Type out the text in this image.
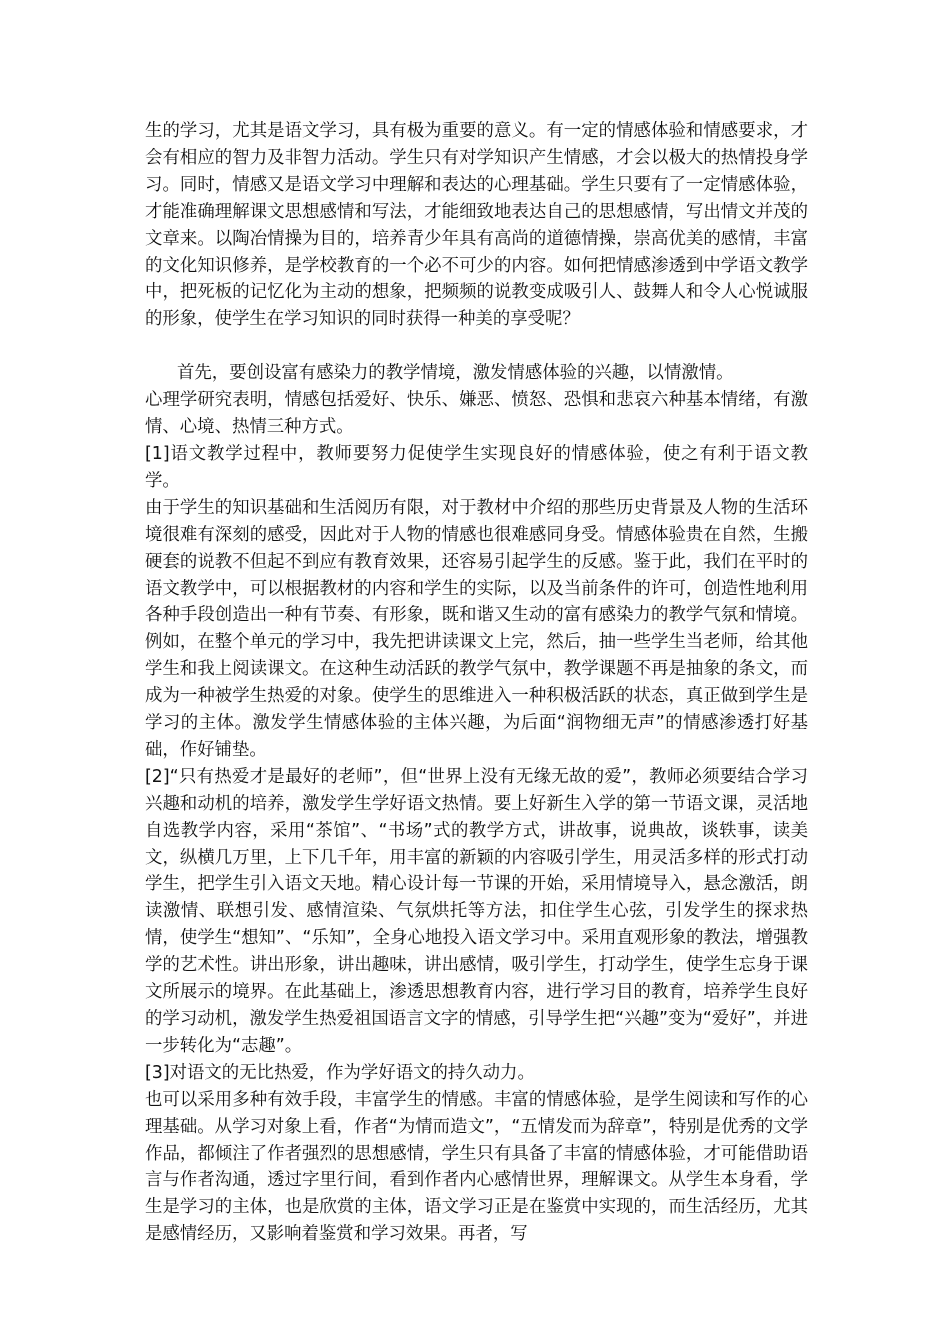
生的学习，尤其是语文学习，具有极为重要的意义。有一定的情感体验和情感要求，才会有相应的智力及非智力活动。学生只有对学知识产生情感，才会以极大的热情投身学习。同时，情感又是语文学习中理解和表达的心理基础。学生只要有了一定情感体验，才能准确理解课文思想感情和写法，才能细致地表达自己的思想感情，写出情文并茂的文章来。以陶冶情操为目的，培养青少年具有高尚的道德情操，崇高优美的感情，丰富的文化知识修养，是学校教育的一个必不可少的内容。如何把情感渗透到中学语文教学中，把死板的记忆化为主动的想象，把频频的说教变成吸引人、鼓舞人和令人心悦诚服的形象，使学生在学习知识的同时获得一种美的享受呢？

首先，要创设富有感染力的教学情境，激发情感体验的兴趣，以情激情。

心理学研究表明，情感包括爱好、快乐、嫌恶、愤怒、恐惧和悲哀六种基本情绪，有激情、心境、热情三种方式。

[1]语文教学过程中，教师要努力促使学生实现良好的情感体验，使之有利于语文教学。

由于学生的知识基础和生活阅历有限，对于教材中介绍的那些历史背景及人物的生活环境很难有深刻的感受，因此对于人物的情感也很难感同身受。情感体验贵在自然，生搬硬套的说教不但起不到应有教育效果，还容易引起学生的反感。鉴于此，我们在平时的语文教学中，可以根据教材的内容和学生的实际，以及当前条件的许可，创造性地利用各种手段创造出一种有节奏、有形象，既和谐又生动的富有感染力的教学气氛和情境。例如，在整个单元的学习中，我先把讲读课文上完，然后，抽一些学生当老师，给其他学生和我上阅读课文。在这种生动活跃的教学气氛中，教学课题不再是抽象的条文，而成为一种被学生热爱的对象。使学生的思维进入一种积极活跃的状态，真正做到学生是学习的主体。激发学生情感体验的主体兴趣，为后面“润物细无声”的情感渗透打好基础，作好铺垫。

[2]“只有热爱才是最好的老师”，但“世界上没有无缘无故的爱”，教师必须要结合学习兴趣和动机的培养，激发学生学好语文热情。要上好新生入学的第一节语文课，灵活地自选教学内容，采用“茶馆”、“书场”式的教学方式，讲故事，说典故，谈轶事，读美文，纵横几万里，上下几千年，用丰富的新颖的内容吸引学生，用灵活多样的形式打动学生，把学生引入语文天地。精心设计每一节课的开始，采用情境导入，悬念激活，朗读激情、联想引发、感情渲染、气氛烘托等方法，扣住学生心弦，引发学生的探求热情，使学生“想知”、“乐知”，全身心地投入语文学习中。采用直观形象的教法，增强教学的艺术性。讲出形象，讲出趣味，讲出感情，吸引学生，打动学生，使学生忘身于课文所展示的境界。在此基础上，渗透思想教育内容，进行学习目的教育，培养学生良好的学习动机，激发学生热爱祖国语言文字的情感，引导学生把“兴趣”变为“爱好”，并进一步转化为“志趣”。

[3]对语文的无比热爱，作为学好语文的持久动力。

也可以采用多种有效手段，丰富学生的情感。丰富的情感体验，是学生阅读和写作的心理基础。从学习对象上看，作者“为情而造文”，“五情发而为辞章”，特别是优秀的文学作品，都倾注了作者强烈的思想感情，学生只有具备了丰富的情感体验，才可能借助语言与作者沟通，透过字里行间，看到作者内心感情世界，理解课文。从学生本身看，学生是学习的主体，也是欣赏的主体，语文学习正是在鉴赏中实现的，而生活经历，尤其是感情经历，又影响着鉴赏和学习效果。再者，写
